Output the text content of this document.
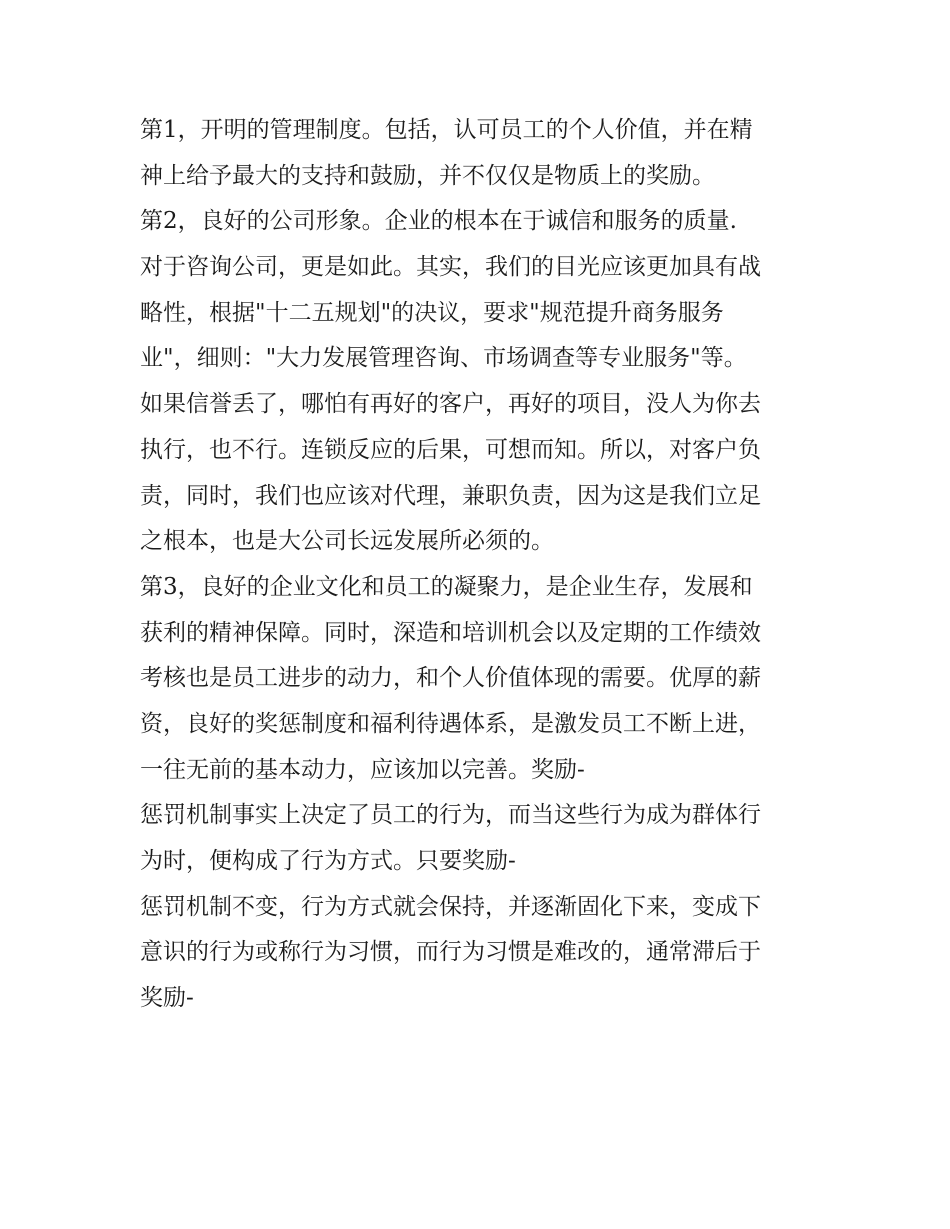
第1，开明的管理制度。包括，认可员工的个人价值，并在精
神上给予最大的支持和鼓励，并不仅仅是物质上的奖励。
第2，良好的公司形象。企业的根本在于诚信和服务的质量.
对于咨询公司，更是如此。其实，我们的目光应该更加具有战
略性，根据"十二五规划"的决议，要求"规范提升商务服务
业"，细则："大力发展管理咨询、市场调查等专业服务"等。
如果信誉丢了，哪怕有再好的客户，再好的项目，没人为你去
执行，也不行。连锁反应的后果，可想而知。所以，对客户负
责，同时，我们也应该对代理，兼职负责，因为这是我们立足
之根本，也是大公司长远发展所必须的。
第3，良好的企业文化和员工的凝聚力，是企业生存，发展和
获利的精神保障。同时，深造和培训机会以及定期的工作绩效
考核也是员工进步的动力，和个人价值体现的需要。优厚的薪
资，良好的奖惩制度和福利待遇体系，是激发员工不断上进，
一往无前的基本动力，应该加以完善。奖励-
惩罚机制事实上决定了员工的行为，而当这些行为成为群体行
为时，便构成了行为方式。只要奖励-
惩罚机制不变，行为方式就会保持，并逐渐固化下来，变成下
意识的行为或称行为习惯，而行为习惯是难改的，通常滞后于
奖励-
